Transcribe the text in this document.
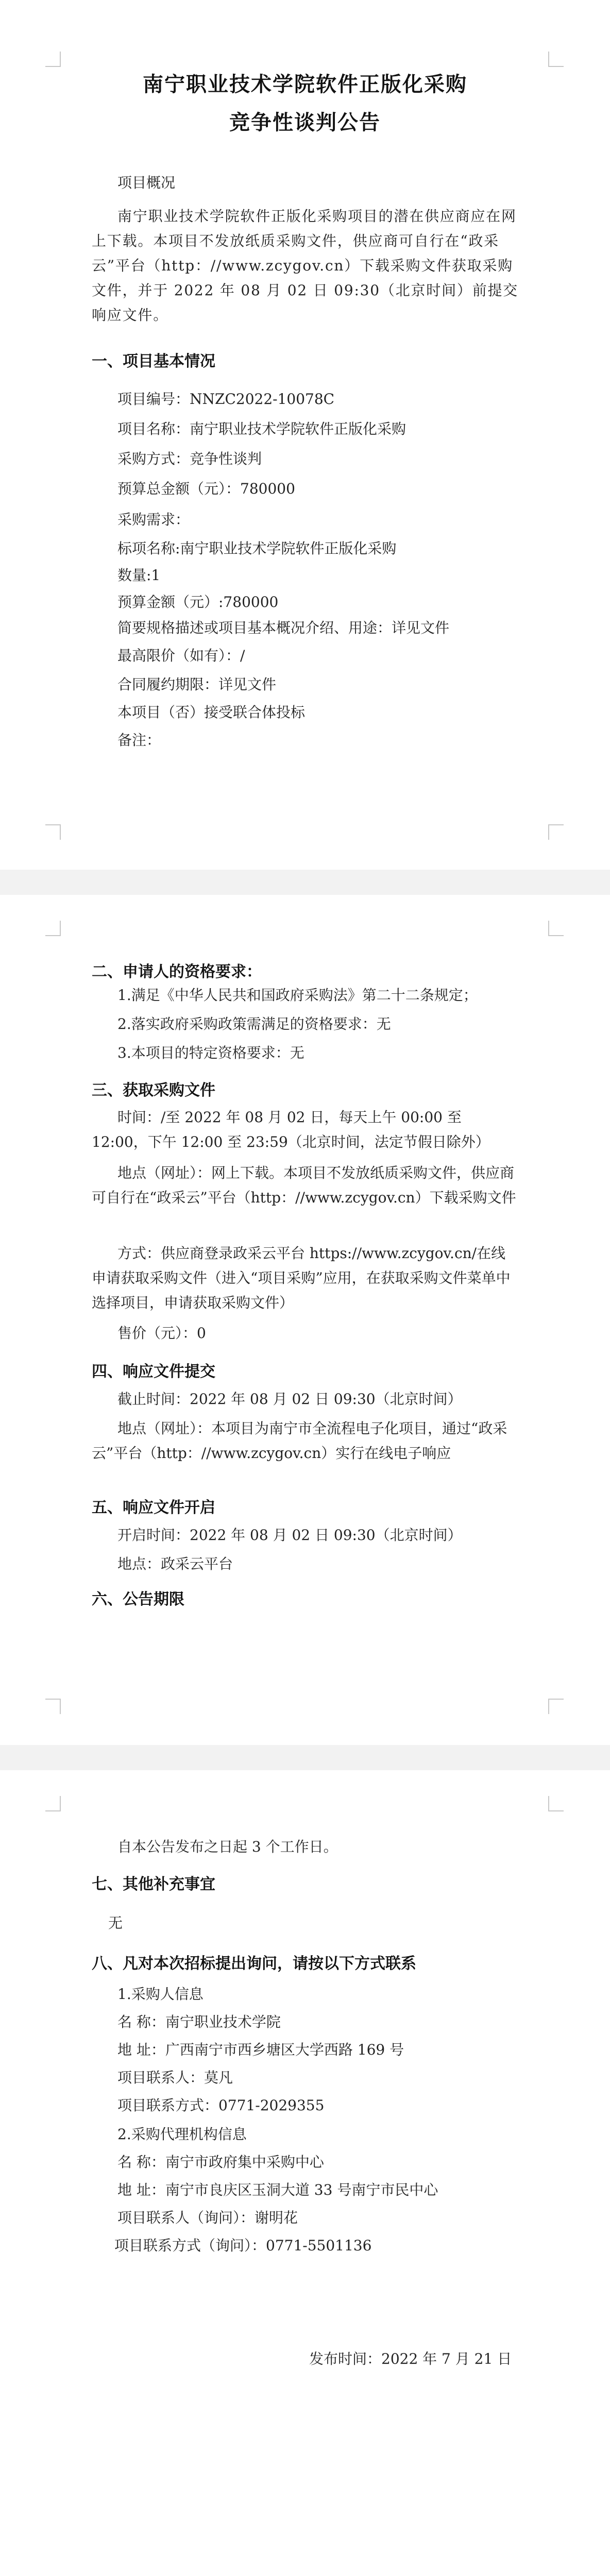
南宁职业技术学院软件正版化采购
竞争性谈判公告
项目概况
南宁职业技术学院软件正版化采购项目的潜在供应商应在网上下载。本项目不发放纸质采购文件，供应商可自行在“政采云”平台（http：//www.zcygov.cn）下载采购文件获取采购文件，并于 2022 年 08 月 02 日 09:30（北京时间）前提交响应文件。
一、项目基本情况
项目编号：NNZC2022-10078C
项目名称：南宁职业技术学院软件正版化采购
采购方式：竞争性谈判
预算总金额（元）：780000
采购需求：
标项名称:南宁职业技术学院软件正版化采购
数量:1
预算金额（元）:780000
简要规格描述或项目基本概况介绍、用途：详见文件
最高限价（如有）：/
合同履约期限：详见文件
本项目（否）接受联合体投标
备注：
二、申请人的资格要求：
1.满足《中华人民共和国政府采购法》第二十二条规定；
2.落实政府采购政策需满足的资格要求：无
3.本项目的特定资格要求：无
三、获取采购文件
时间：/至 2022 年 08 月 02 日，每天上午 00:00 至 12:00，下午 12:00 至 23:59（北京时间，法定节假日除外）
地点（网址）：网上下载。本项目不发放纸质采购文件，供应商可自行在“政采云”平台（http：//www.zcygov.cn）下载采购文件
方式：供应商登录政采云平台 https://www.zcygov.cn/在线申请获取采购文件（进入“项目采购”应用，在获取采购文件菜单中选择项目，申请获取采购文件）
售价（元）：0
四、响应文件提交
截止时间：2022 年 08 月 02 日 09:30（北京时间）
地点（网址）：本项目为南宁市全流程电子化项目，通过“政采云”平台（http：//www.zcygov.cn）实行在线电子响应
五、响应文件开启
开启时间：2022 年 08 月 02 日 09:30（北京时间）
地点：政采云平台
六、公告期限
自本公告发布之日起 3 个工作日。
七、其他补充事宜
无
八、凡对本次招标提出询问，请按以下方式联系
1.采购人信息
名 称：南宁职业技术学院
地 址：广西南宁市西乡塘区大学西路 169 号
项目联系人：莫凡
项目联系方式：0771-2029355
2.采购代理机构信息
名 称：南宁市政府集中采购中心
地 址：南宁市良庆区玉洞大道 33 号南宁市民中心
项目联系人（询问）：谢明花
项目联系方式（询问）：0771-5501136
发布时间：2022 年 7 月 21 日
